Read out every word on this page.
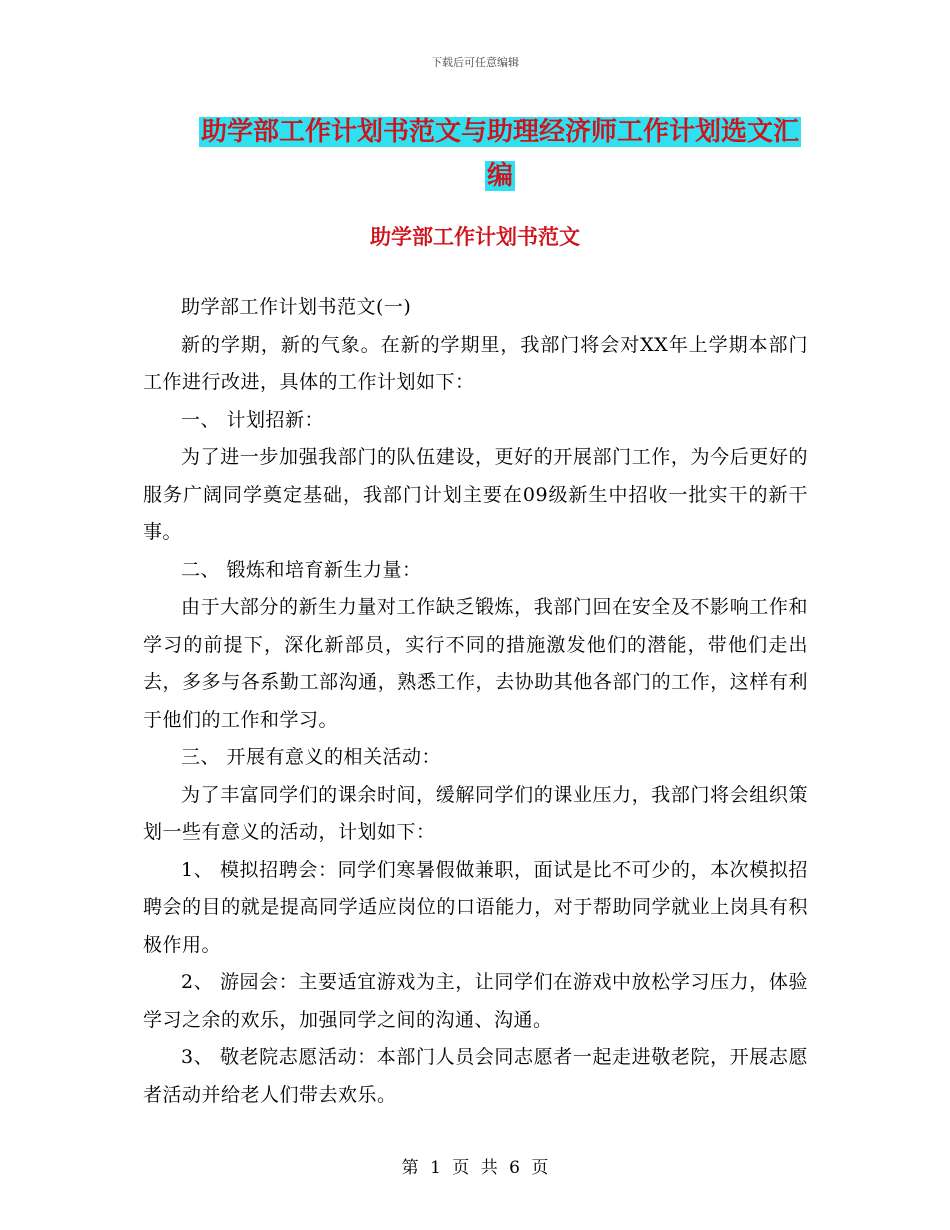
下载后可任意编辑
助学部工作计划书范文与助理经济师工作计划选文汇
编
助学部工作计划书范文

助学部工作计划书范文(一)

新的学期，新的气象。在新的学期里，我部门将会对XX年上学期本部门工作进行改进，具体的工作计划如下：

一、 计划招新：

为了进一步加强我部门的队伍建设，更好的开展部门工作，为今后更好的服务广阔同学奠定基础，我部门计划主要在09级新生中招收一批实干的新干事。

二、 锻炼和培育新生力量：

由于大部分的新生力量对工作缺乏锻炼，我部门回在安全及不影响工作和学习的前提下，深化新部员，实行不同的措施激发他们的潜能，带他们走出去，多多与各系勤工部沟通，熟悉工作，去协助其他各部门的工作，这样有利于他们的工作和学习。

三、 开展有意义的相关活动：

为了丰富同学们的课余时间，缓解同学们的课业压力，我部门将会组织策划一些有意义的活动，计划如下：

1、 模拟招聘会：同学们寒暑假做兼职，面试是比不可少的，本次模拟招聘会的目的就是提高同学适应岗位的口语能力，对于帮助同学就业上岗具有积极作用。

2、 游园会：主要适宜游戏为主，让同学们在游戏中放松学习压力，体验学习之余的欢乐，加强同学之间的沟通、沟通。

3、 敬老院志愿活动：本部门人员会同志愿者一起走进敬老院，开展志愿者活动并给老人们带去欢乐。

第 1 页 共 6 页
